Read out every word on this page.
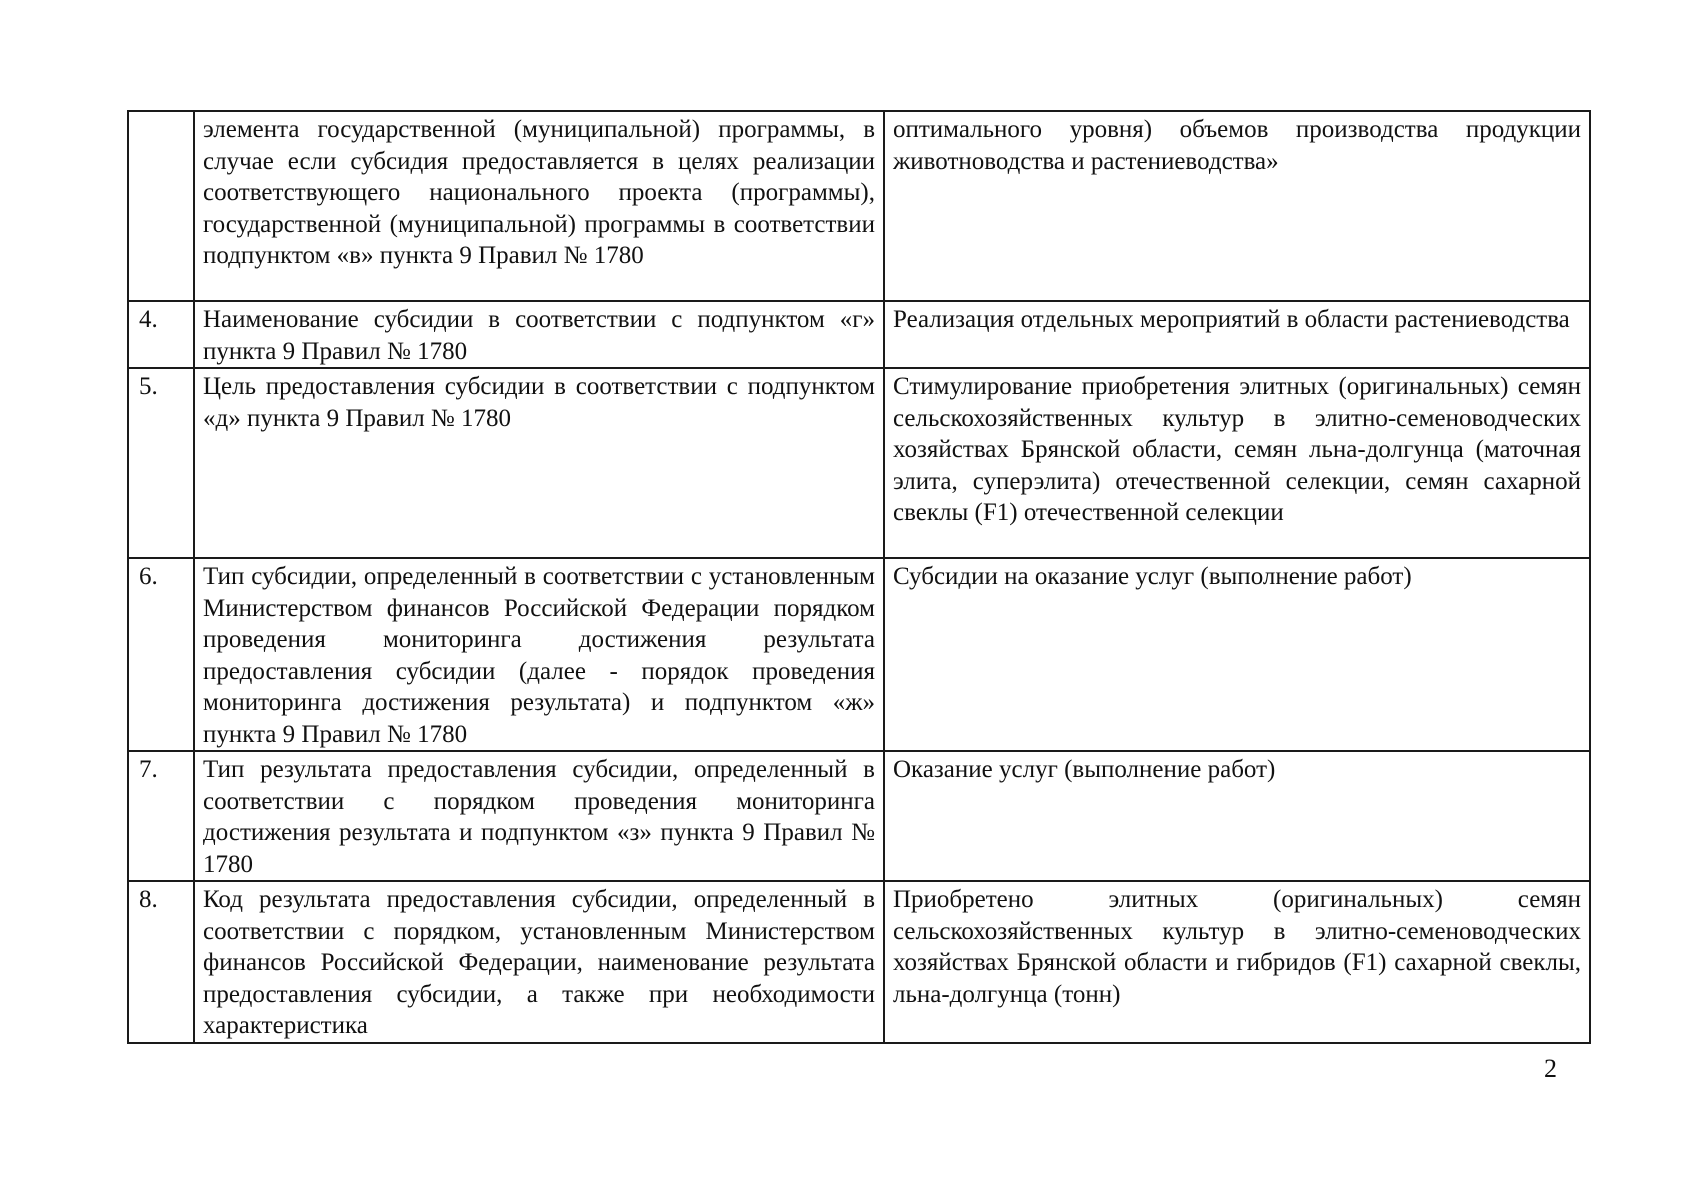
	элемента государственной (муниципальной) программы, в случае если субсидия предоставляется в целях реализации соответствующего национального проекта (программы), государственной (муниципальной) программы в соответствии подпунктом «в» пункта 9 Правил № 1780	оптимального уровня) объемов производства продукции животноводства и растениеводства»
4.	Наименование субсидии в соответствии с подпунктом «г» пункта 9 Правил № 1780	Реализация отдельных мероприятий в области растениеводства
5.	Цель предоставления субсидии в соответствии с подпунктом «д» пункта 9 Правил № 1780	Стимулирование приобретения элитных (оригинальных) семян сельскохозяйственных культур в элитно-семеноводческих хозяйствах Брянской области, семян льна-долгунца (маточная элита, суперэлита) отечественной селекции, семян сахарной свеклы (F1) отечественной селекции
6.	Тип субсидии, определенный в соответствии с установленным Министерством финансов Российской Федерации порядком проведения мониторинга достижения результата предоставления субсидии (далее - порядок проведения мониторинга достижения результата) и подпунктом «ж» пункта 9 Правил № 1780	Субсидии на оказание услуг (выполнение работ)
7.	Тип результата предоставления субсидии, определенный в соответствии с порядком проведения мониторинга достижения результата и подпунктом «з» пункта 9 Правил № 1780	Оказание услуг (выполнение работ)
8.	Код результата предоставления субсидии, определенный в соответствии с порядком, установленным Министерством финансов Российской Федерации, наименование результата предоставления субсидии, а также при необходимости характеристика	Приобретено элитных (оригинальных) семян сельскохозяйственных культур в элитно-семеноводческих хозяйствах Брянской области и гибридов (F1) сахарной свеклы, льна-долгунца (тонн)
2
